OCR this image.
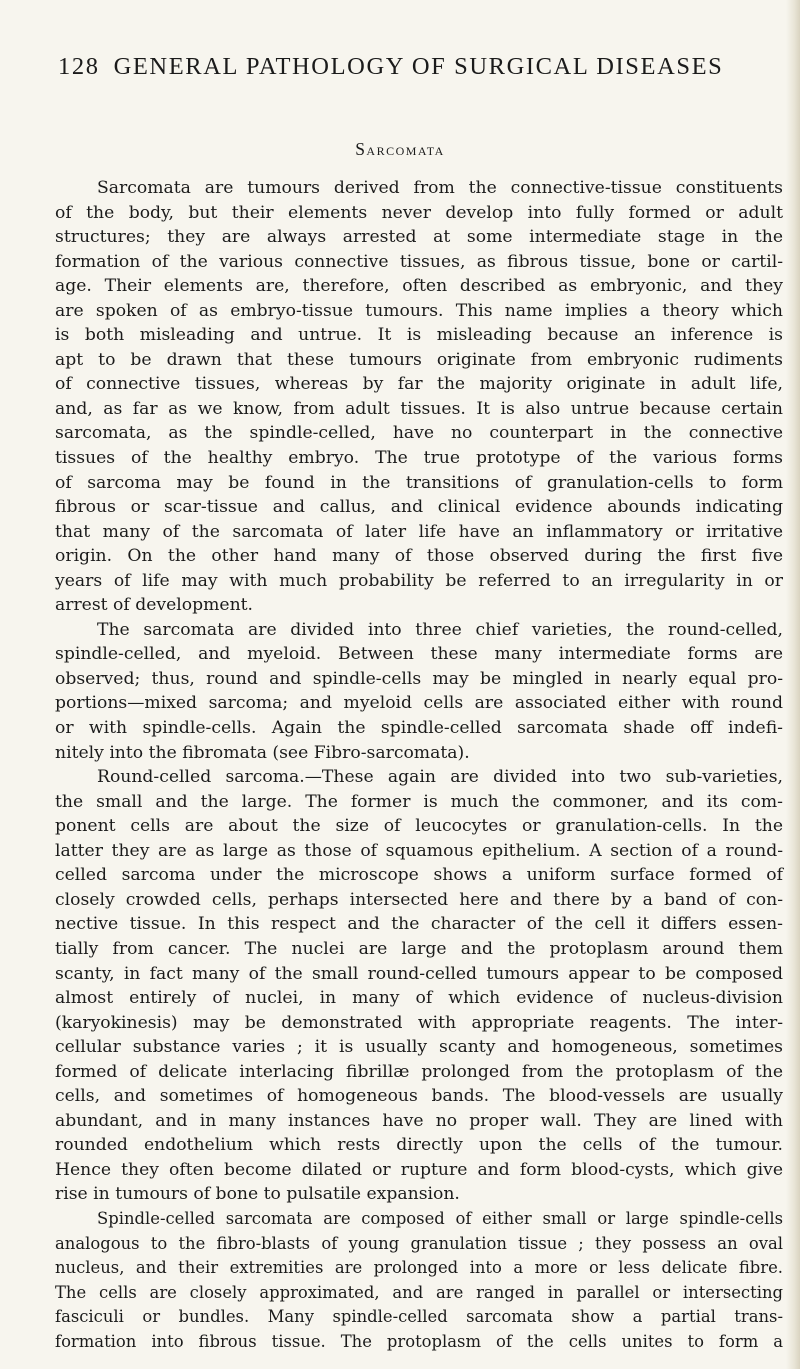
128 GENERAL PATHOLOGY OF SURGICAL DISEASES
Sarcomata
Sarcomata are tumours derived from the connective-tissue constituents
of the body, but their elements never develop into fully formed or adult
structures; they are always arrested at some intermediate stage in the
formation of the various connective tissues, as fibrous tissue, bone or cartil-
age. Their elements are, therefore, often described as embryonic, and they
are spoken of as embryo-tissue tumours. This name implies a theory which
is both misleading and untrue. It is misleading because an inference is
apt to be drawn that these tumours originate from embryonic rudiments
of connective tissues, whereas by far the majority originate in adult life,
and, as far as we know, from adult tissues. It is also untrue because certain
sarcomata, as the spindle-celled, have no counterpart in the connective
tissues of the healthy embryo. The true prototype of the various forms
of sarcoma may be found in the transitions of granulation-cells to form
fibrous or scar-tissue and callus, and clinical evidence abounds indicating
that many of the sarcomata of later life have an inflammatory or irritative
origin. On the other hand many of those observed during the first five
years of life may with much probability be referred to an irregularity in or
arrest of development.
The sarcomata are divided into three chief varieties, the round-celled,
spindle-celled, and myeloid. Between these many intermediate forms are
observed; thus, round and spindle-cells may be mingled in nearly equal pro-
portions—mixed sarcoma; and myeloid cells are associated either with round
or with spindle-cells. Again the spindle-celled sarcomata shade off indefi-
nitely into the fibromata (see Fibro-sarcomata).
Round-celled sarcoma.—These again are divided into two sub-varieties,
the small and the large. The former is much the commoner, and its com-
ponent cells are about the size of leucocytes or granulation-cells. In the
latter they are as large as those of squamous epithelium. A section of a round-
celled sarcoma under the microscope shows a uniform surface formed of
closely crowded cells, perhaps intersected here and there by a band of con-
nective tissue. In this respect and the character of the cell it differs essen-
tially from cancer. The nuclei are large and the protoplasm around them
scanty, in fact many of the small round-celled tumours appear to be composed
almost entirely of nuclei, in many of which evidence of nucleus-division
(karyokinesis) may be demonstrated with appropriate reagents. The inter-
cellular substance varies ; it is usually scanty and homogeneous, sometimes
formed of delicate interlacing fibrillæ prolonged from the protoplasm of the
cells, and sometimes of homogeneous bands. The blood-vessels are usually
abundant, and in many instances have no proper wall. They are lined with
rounded endothelium which rests directly upon the cells of the tumour.
Hence they often become dilated or rupture and form blood-cysts, which give
rise in tumours of bone to pulsatile expansion.
Spindle-celled sarcomata are composed of either small or large spindle-cells
analogous to the fibro-blasts of young granulation tissue ; they possess an oval
nucleus, and their extremities are prolonged into a more or less delicate fibre.
The cells are closely approximated, and are ranged in parallel or intersecting
fasciculi or bundles. Many spindle-celled sarcomata show a partial trans-
formation into fibrous tissue. The protoplasm of the cells unites to form a
